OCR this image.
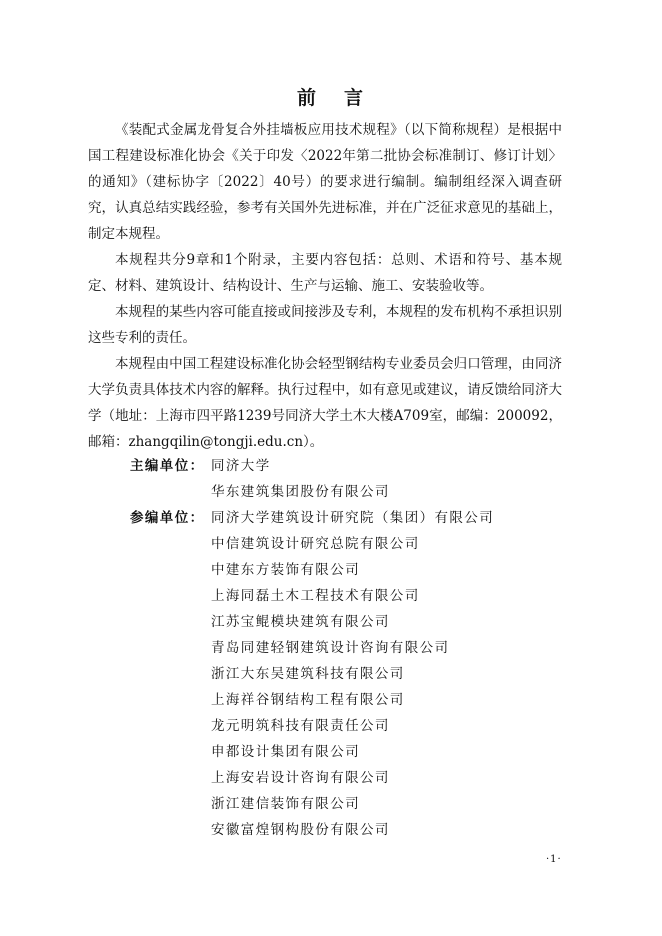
前 言

《装配式金属龙骨复合外挂墙板应用技术规程》（以下简称规程）是根据中国工程建设标准化协会《关于印发〈2022年第二批协会标准制订、修订计划〉的通知》（建标协字〔2022〕40号）的要求进行编制。编制组经深入调查研究，认真总结实践经验，参考有关国外先进标准，并在广泛征求意见的基础上，制定本规程。

本规程共分9章和1个附录，主要内容包括：总则、术语和符号、基本规定、材料、建筑设计、结构设计、生产与运输、施工、安装验收等。

本规程的某些内容可能直接或间接涉及专利，本规程的发布机构不承担识别这些专利的责任。

本规程由中国工程建设标准化协会轻型钢结构专业委员会归口管理，由同济大学负责具体技术内容的解释。执行过程中，如有意见或建议，请反馈给同济大学（地址：上海市四平路1239号同济大学土木大楼A709室，邮编：200092，邮箱：zhangqilin@tongji.edu.cn）。

主编单位： 同济大学
华东建筑集团股份有限公司
参编单位： 同济大学建筑设计研究院（集团）有限公司
中信建筑设计研究总院有限公司
中建东方装饰有限公司
上海同磊土木工程技术有限公司
江苏宝鲲模块建筑有限公司
青岛同建轻钢建筑设计咨询有限公司
浙江大东吴建筑科技有限公司
上海祥谷钢结构工程有限公司
龙元明筑科技有限责任公司
申都设计集团有限公司
上海安岩设计咨询有限公司
浙江建信装饰有限公司
安徽富煌钢构股份有限公司
·1·
